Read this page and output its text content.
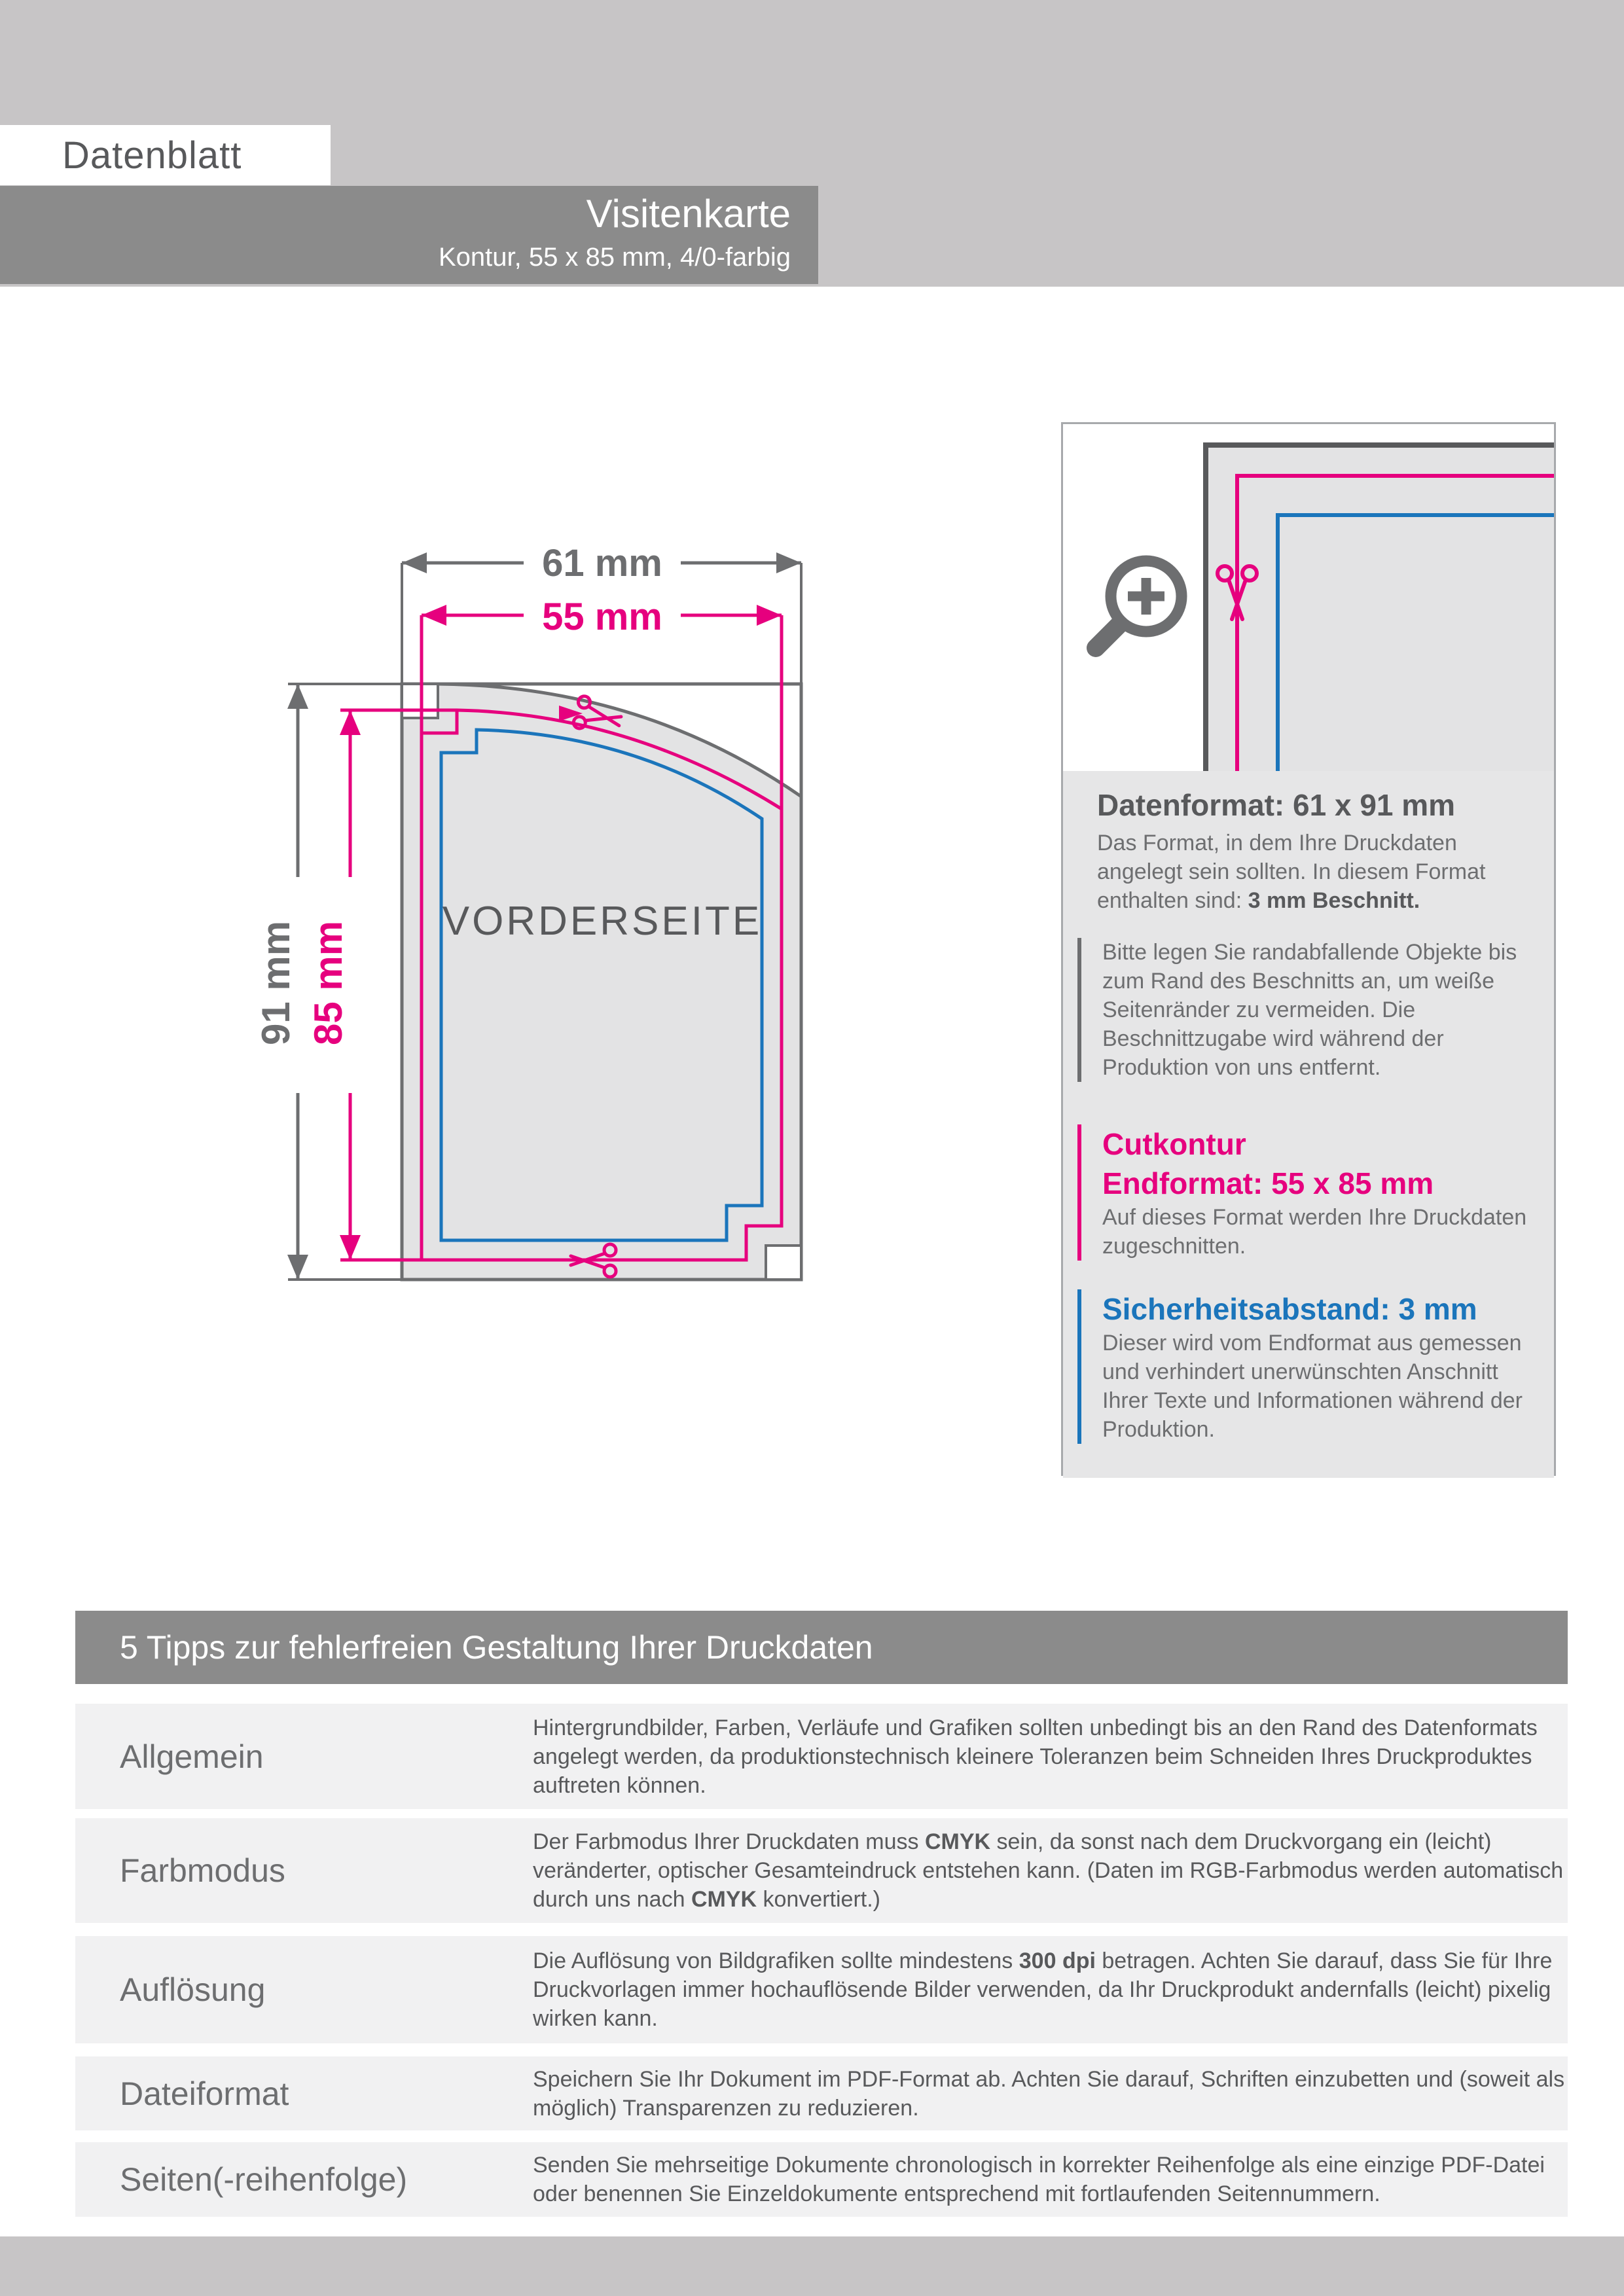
Datenblatt
Visitenkarte
Kontur, 55 x 85 mm, 4/0-farbig
61 mm
55 mm
91 mm 85 mm VORDERSEITE
Datenformat: 61 x 91 mm

Das Format, in dem Ihre Druckdaten angelegt sein sollten. In diesem Format enthalten sind: 3 mm Beschnitt.

Bitte legen Sie randabfallende Objekte bis zum Rand des Beschnitts an, um weiße Seitenränder zu vermeiden. Die Beschnittzugabe wird während der Produktion von uns entfernt.

Cutkontur
Endformat: 55 x 85 mm

Auf dieses Format werden Ihre Druckdaten zugeschnitten.

Sicherheitsabstand: 3 mm

Dieser wird vom Endformat aus gemessen und verhindert unerwünschten Anschnitt Ihrer Texte und Informationen während der Produktion.

5 Tipps zur fehlerfreien Gestaltung Ihrer Druckdaten
Allgemein
Hintergrundbilder, Farben, Verläufe und Grafiken sollten unbedingt bis an den Rand des Datenformats angelegt werden, da produktionstechnisch kleinere Toleranzen beim Schneiden Ihres Druckproduktes auftreten können.
Farbmodus
Der Farbmodus Ihrer Druckdaten muss CMYK sein, da sonst nach dem Druckvorgang ein (leicht) veränderter, optischer Gesamteindruck entstehen kann. (Daten im RGB-Farbmodus werden automatisch durch uns nach CMYK konvertiert.)
Auflösung
Die Auflösung von Bildgrafiken sollte mindestens 300 dpi betragen. Achten Sie darauf, dass Sie für Ihre Druckvorlagen immer hochauflösende Bilder verwenden, da Ihr Druckprodukt andernfalls (leicht) pixelig wirken kann.
Dateiformat	Speichern Sie Ihr Dokument im PDF-Format ab. Achten Sie darauf, Schriften einzubetten und (soweit als möglich) Transparenzen zu reduzieren.
Seiten(-reihenfolge)	Senden Sie mehrseitige Dokumente chronologisch in korrekter Reihenfolge als eine einzige PDF-Datei oder benennen Sie Einzeldokumente entsprechend mit fortlaufenden Seitennummern.
